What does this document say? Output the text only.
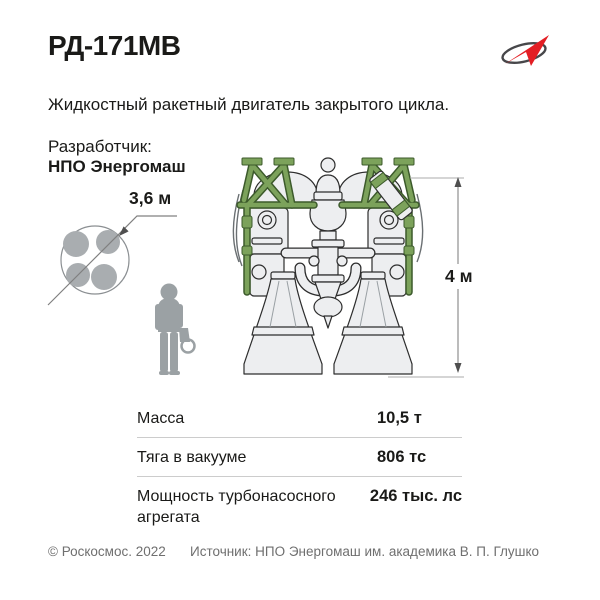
РД-171МВ
Жидкостный ракетный двигатель закрытого цикла.
Разработчик:
НПО Энергомаш
3,6 м
4 м
Масса	10,5 т
Тяга в вакууме	806 тс
Мощность турбонасосного агрегата
246 тыс. лс
© Роскосмос. 2022 Источник: НПО Энергомаш им. академика В. П. Глушко
